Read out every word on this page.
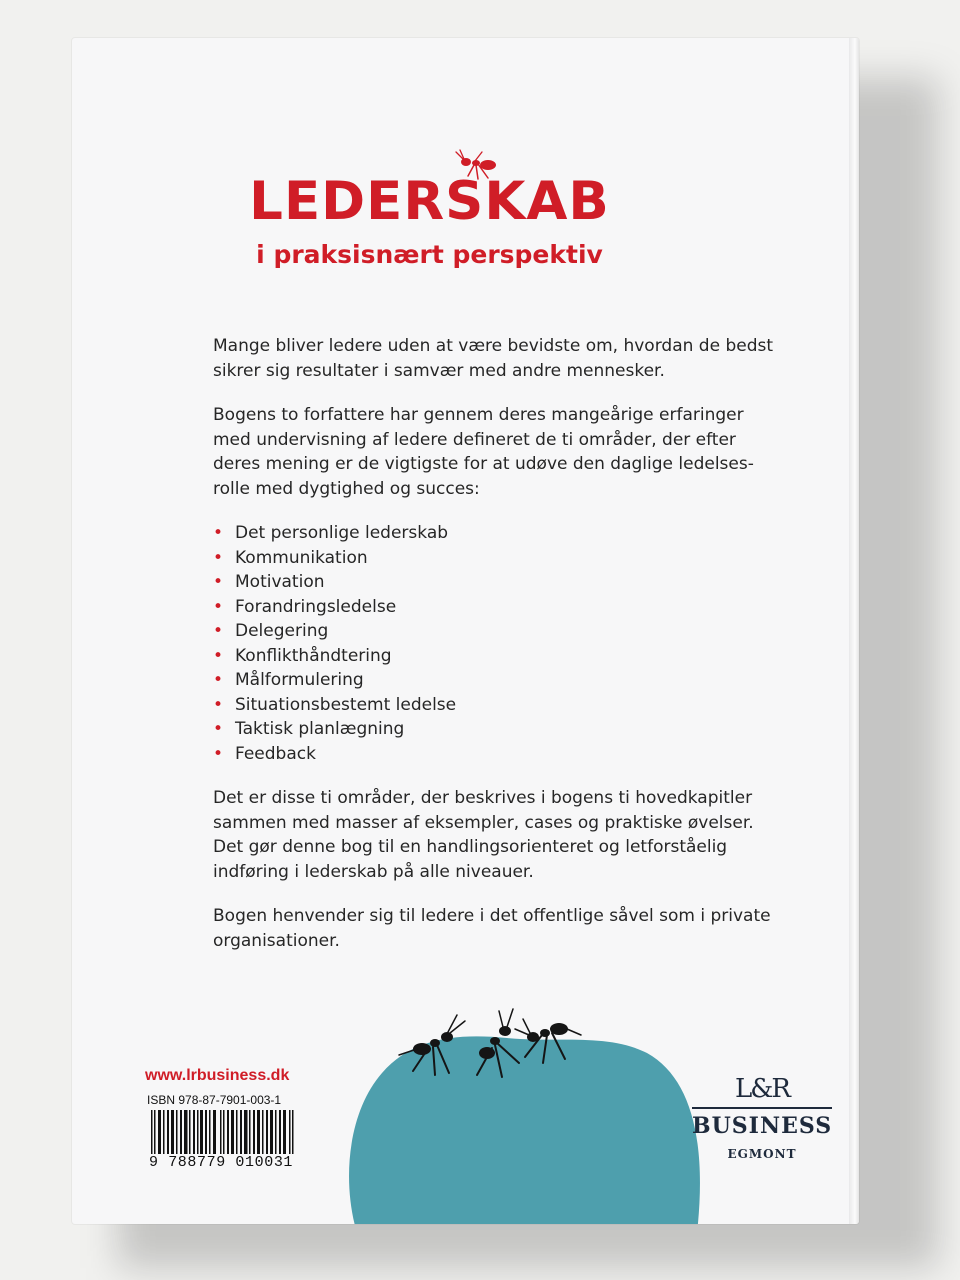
LEDERSKAB
i praksisnært perspektiv

Mange bliver ledere uden at være bevidste om, hvordan de bedst sikrer sig resultater i samvær med andre mennesker.

Bogens to forfattere har gennem deres mangeårige erfaringer med undervisning af ledere defineret de ti områder, der efter deres mening er de vigtigste for at udøve den daglige ledelses-rolle med dygtighed og succes:

• Det personlige lederskab
• Kommunikation
• Motivation
• Forandringsledelse
• Delegering
• Konflikthåndtering
• Målformulering
• Situationsbestemt ledelse
• Taktisk planlægning
• Feedback

Det er disse ti områder, der beskrives i bogens ti hovedkapitler sammen med masser af eksempler, cases og praktiske øvelser. Det gør denne bog til en handlingsorienteret og letforståelig indføring i lederskab på alle niveauer.

Bogen henvender sig til ledere i det offentlige såvel som i private organisationer.

www.lrbusiness.dk
ISBN 978-87-7901-003-1
9 788779 010031
L&R
BUSINESS
EGMONT
